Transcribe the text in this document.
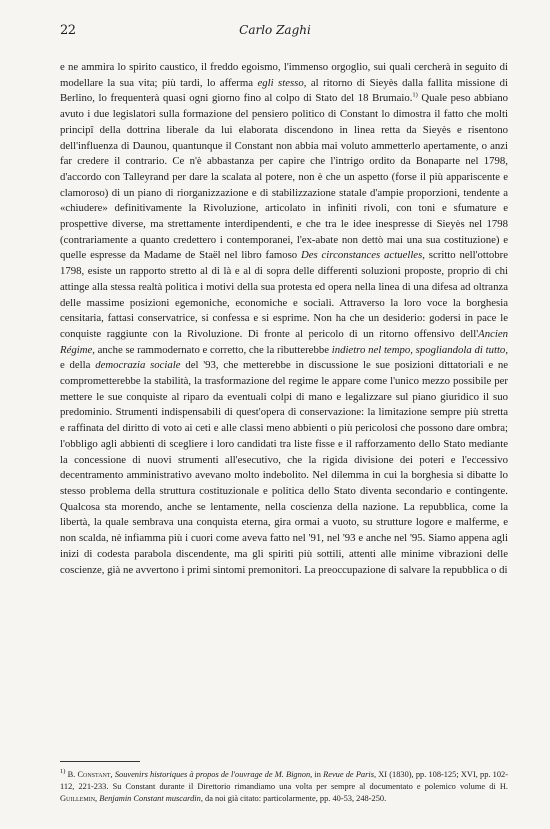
22	Carlo Zaghi

e ne ammira lo spirito caustico, il freddo egoismo, l'immenso orgoglio, sui quali cercherà in seguito di modellare la sua vita; più tardi, lo afferma egli stesso, al ritorno di Sieyès dalla fallita missione di Berlino, lo frequenterà quasi ogni giorno fino al colpo di Stato del 18 Brumaio.$^{1)}$ Quale peso abbiano avuto i due legislatori sulla formazione del pensiero politico di Constant lo dimostra il fatto che molti principî della dottrina liberale da lui elaborata discendono in linea retta da Sieyès e risentono dell'influenza di Daunou, quantunque il Constant non abbia mai voluto ammetterlo apertamente, o anzi far credere il contrario. Ce n'è abbastanza per capire che l'intrigo ordito da Bonaparte nel 1798, d'accordo con Talleyrand per dare la scalata al potere, non è che un aspetto (forse il più appariscente e clamoroso) di un piano di riorganizzazione e di stabilizzazione statale d'ampie proporzioni, tendente a «chiudere» definitivamente la Rivoluzione, articolato in infiniti rivoli, con toni e sfumature e prospettive diverse, ma strettamente interdipendenti, e che tra le idee inespresse di Sieyès nel 1798 (contrariamente a quanto credettero i contemporanei, l'ex-abate non dettò mai una sua costituzione) e quelle espresse da Madame de Staël nel libro famoso Des circonstances actuelles, scritto nell'ottobre 1798, esiste un rapporto stretto al di là e al di sopra delle differenti soluzioni proposte, proprio di chi attinge alla stessa realtà politica i motivi della sua protesta ed opera nella linea di una difesa ad oltranza delle massime posizioni egemoniche, economiche e sociali. Attraverso la loro voce la borghesia censitaria, fattasi conservatrice, si confessa e si esprime. Non ha che un desiderio: godersi in pace le conquiste raggiunte con la Rivoluzione. Di fronte al pericolo di un ritorno offensivo dell'Ancien Régime, anche se rammodernato e corretto, che la ributterebbe indietro nel tempo, spogliandola di tutto, e della democrazia sociale del '93, che metterebbe in discussione le sue posizioni dittatoriali e ne comprometterebbe la stabilità, la trasformazione del regime le appare come l'unico mezzo possibile per mettere le sue conquiste al riparo da eventuali colpi di mano e legalizzare sul piano giuridico il suo predominio. Strumenti indispensabili di quest'opera di conservazione: la limitazione sempre più stretta e raffinata del diritto di voto ai ceti e alle classi meno abbienti o più pericolosi che possono dare ombra; l'obbligo agli abbienti di scegliere i loro candidati tra liste fisse e il rafforzamento dello Stato mediante la concessione di nuovi strumenti all'esecutivo, che la rigida divisione dei poteri e l'eccessivo decentramento amministrativo avevano molto indebolito. Nel dilemma in cui la borghesia si dibatte lo stesso problema della struttura costituzionale e politica dello Stato diventa secondario e contingente. Qualcosa sta morendo, anche se lentamente, nella coscienza della nazione. La repubblica, come la libertà, la quale sembrava una conquista eterna, gira ormai a vuoto, su strutture logore e malferme, e non scalda, nè infiamma più i cuori come aveva fatto nel '91, nel '93 e anche nel '95. Siamo appena agli inizi di codesta parabola discendente, ma gli spiriti più sottili, attenti alle minime vibrazioni delle coscienze, già ne avvertono i primi sintomi premonitori. La preoccupazione di salvare la repubblica o di

$^{1)}$ B. Constant, Souvenirs historiques à propos de l'ouvrage de M. Bignon, in Revue de Paris, XI (1830), pp. 108-125; XVI, pp. 102-112, 221-233. Su Constant durante il Direttorio rimandiamo una volta per sempre al documentato e polemico volume di H. Guillemin, Benjamin Constant muscardin, da noi già citato: particolarmente, pp. 40-53, 248-250.
